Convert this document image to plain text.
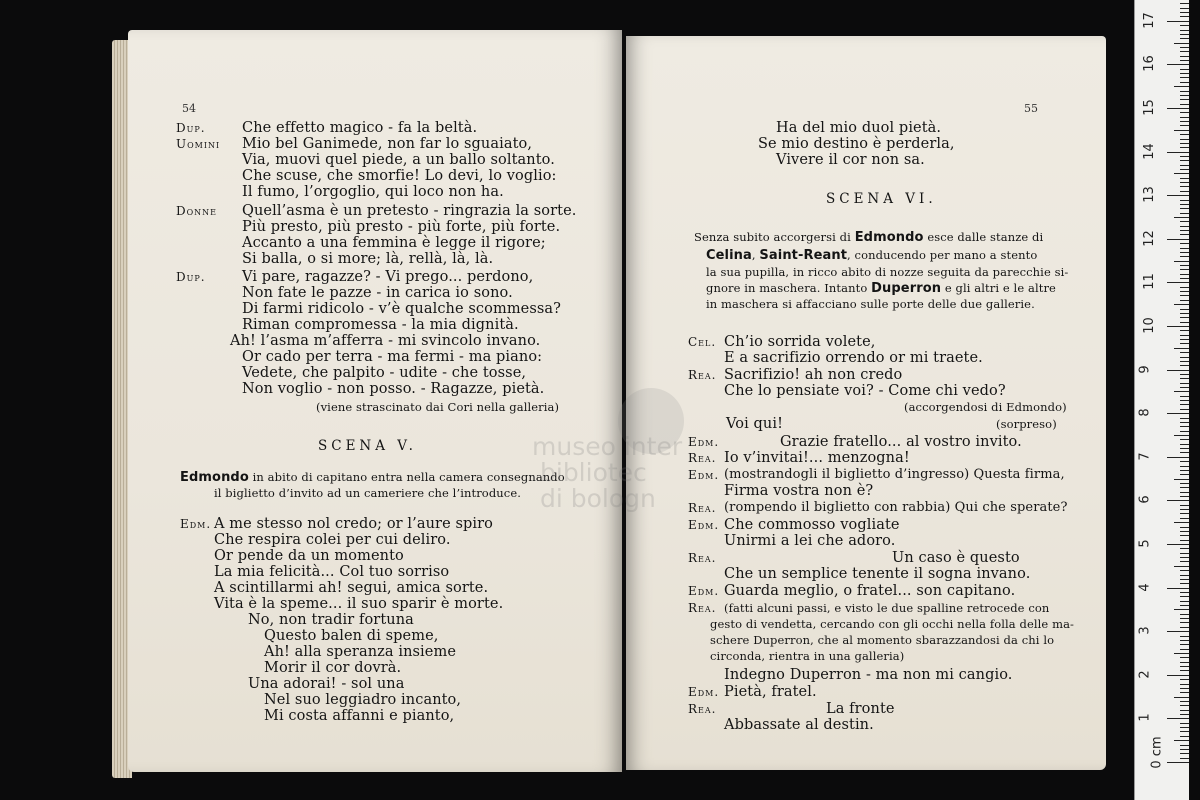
54
Dup.	Che effetto magico - fa la beltà.
Uomini Mio bel Ganimede, non far lo sguaiato,
Via, muovi quel piede, a un ballo soltanto.
Che scuse, che smorfie! Lo devi, lo voglio:
Il fumo, l’orgoglio, qui loco non ha.
Donne Quell’asma è un pretesto - ringrazia la sorte.
Più presto, più presto - più forte, più forte.
Accanto a una femmina è legge il rigore;
Si balla, o si more; là, rellà, là, là.
Dup.	Vi pare, ragazze? - Vi prego... perdono,
Non fate le pazze - in carica io sono.
Di farmi ridicolo - v’è qualche scommessa?
Riman compromessa - la mia dignità.
Ah! l’asma m’afferra - mi svincolo invano.
Or cado per terra - ma fermi - ma piano:
Vedete, che palpito - udite - che tosse,
Non voglio - non posso. - Ragazze, pietà.
(viene strascinato dai Cori nella galleria)
SCENA V.
Edmondo in abito di capitano entra nella camera consegnando
il biglietto d’invito ad un cameriere che l’introduce.
Edm. A me stesso nol credo; or l’aure spiro
Che respira colei per cui deliro.
Or pende da un momento
La mia felicità... Col tuo sorriso
A scintillarmi ah! segui, amica sorte.
Vita è la speme... il suo sparir è morte.
No, non tradir fortuna
Questo balen di speme,
Ah! alla speranza insieme
Morir il cor dovrà.
Una adorai! - sol una
Nel suo leggiadro incanto,
Mi costa affanni e pianto,
55
Ha del mio duol pietà.
Se mio destino è perderla,
Vivere il cor non sa.
SCENA VI.
Senza subito accorgersi di Edmondo esce dalle stanze di
Celina, Saint-Reant, conducendo per mano a stento
la sua pupilla, in ricco abito di nozze seguita da parecchie si-
gnore in maschera. Intanto Duperron e gli altri e le altre
in maschera si affacciano sulle porte delle due gallerie.
Cel. Ch’io sorrida volete,
E a sacrifizio orrendo or mi traete.
Rea. Sacrifizio! ah non credo
Che lo pensiate voi? - Come chi vedo?
(accorgendosi di Edmondo)
Voi qui!	(sorpreso)
Edm.	Grazie fratello... al vostro invito.
Rea. Io v’invitai!... menzogna!
Edm. (mostrandogli il biglietto d’ingresso) Questa firma,
Firma vostra non è?
Rea. (rompendo il biglietto con rabbia) Qui che sperate?
Edm. Che commosso vogliate
Unirmi a lei che adoro.
Rea.	Un caso è questo
Che un semplice tenente il sogna invano.
Edm. Guarda meglio, o fratel... son capitano.
Rea. (fatti alcuni passi, e visto le due spalline retrocede con
gesto di vendetta, cercando con gli occhi nella folla delle ma-
schere Duperron, che al momento sbarazzandosi da chi lo
circonda, rientra in una galleria)
Indegno Duperron - ma non mi cangio.
Edm. Pietà, fratel.
Rea.	La fronte
Abbassate al destin.
museo inter
bibliotec
di bologn
0 cm
1
2
3
4
5
6
7
8
9
10
11
12
13
14
15
16
17
